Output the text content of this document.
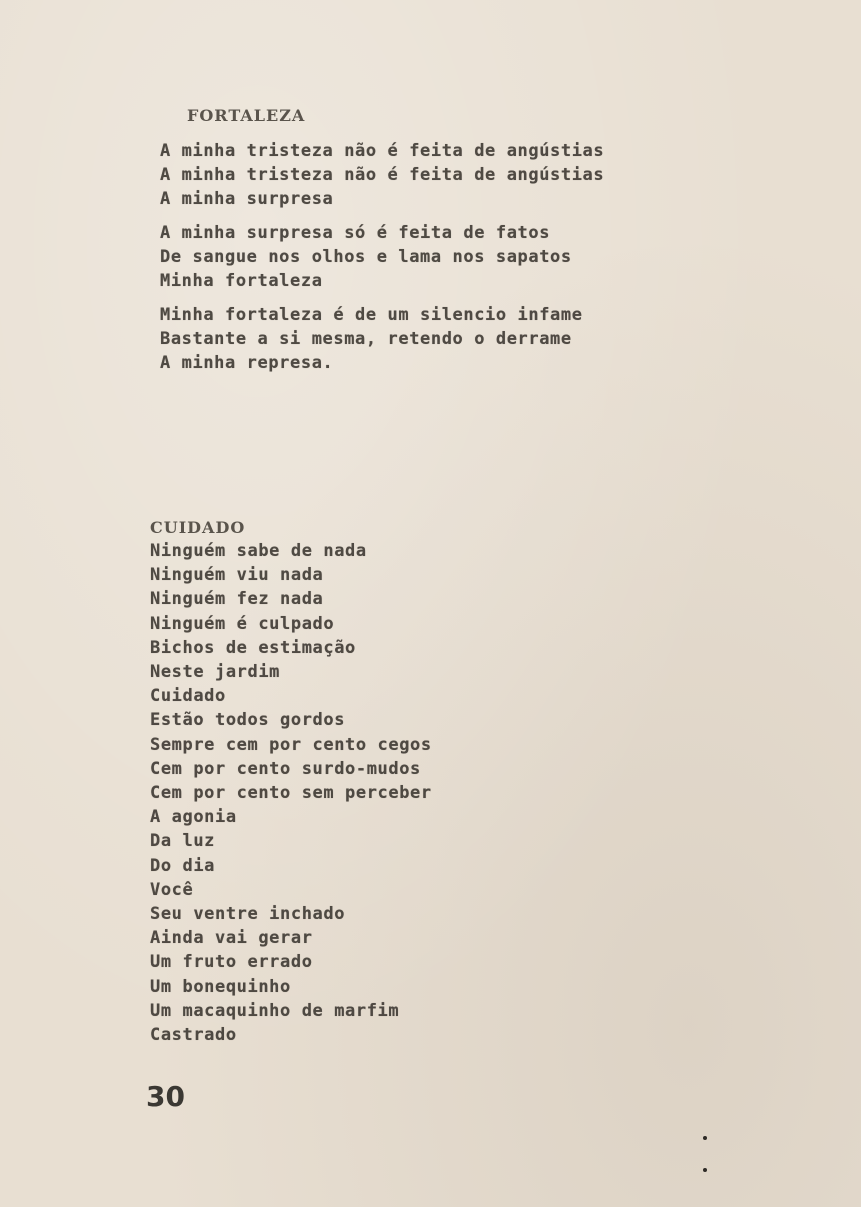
FORTALEZA
A minha tristeza não é feita de angústias
A minha tristeza não é feita de angústias
A minha surpresa
A minha surpresa só é feita de fatos
De sangue nos olhos e lama nos sapatos
Minha fortaleza
Minha fortaleza é de um silencio infame
Bastante a si mesma, retendo o derrame
A minha represa.
CUIDADO
Ninguém sabe de nada
Ninguém viu nada
Ninguém fez nada
Ninguém é culpado
Bichos de estimação
Neste jardim
Cuidado
Estão todos gordos
Sempre cem por cento cegos
Cem por cento surdo-mudos
Cem por cento sem perceber
A agonia
Da luz
Do dia
Você
Seu ventre inchado
Ainda vai gerar
Um fruto errado
Um bonequinho
Um macaquinho de marfim
Castrado
30
